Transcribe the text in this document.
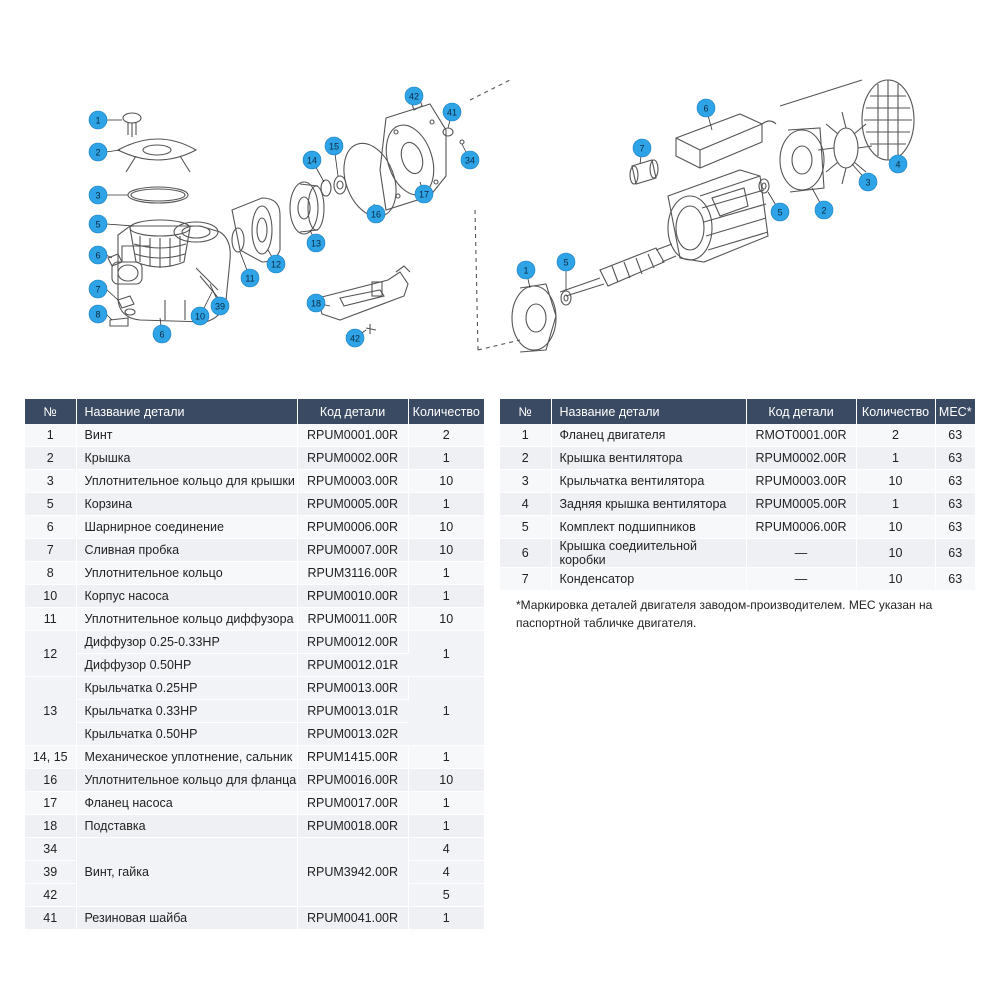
1
2
3
5
6
7
8	10
39
6
11
12
13
14
15
16
17
42
41
34
18
42
6
7
1
5
5	2
3
4
№	Название детали	Код детали	Количество
1	Винт	RPUM0001.00R	2
2	Крышка	RPUM0002.00R	1
3	Уплотнительное кольцо для крышки	RPUM0003.00R	10
5	Корзина	RPUM0005.00R	1
6	Шарнирное соединение	RPUM0006.00R	10
7	Сливная пробка	RPUM0007.00R	10
8	Уплотнительное кольцо	RPUM3116.00R	1
10	Корпус насоса	RPUM0010.00R	1
11	Уплотнительное кольцо диффузора	RPUM0011.00R	10
12	Диффузор 0.25-0.33HP	RPUM0012.00R	1
	Диффузор 0.50HP	RPUM0012.01R	
13	Крыльчатка 0.25HP	RPUM0013.00R	1
	Крыльчатка 0.33HP	RPUM0013.01R	
	Крыльчатка 0.50HP	RPUM0013.02R	
14, 15	Механическое уплотнение, сальник	RPUM1415.00R	1
16	Уплотнительное кольцо для фланца	RPUM0016.00R	10
17	Фланец насоса	RPUM0017.00R	1
18	Подставка	RPUM0018.00R	1
34	Винт, гайка	RPUM3942.00R	4
39			4
42			5
41	Резиновая шайба	RPUM0041.00R	1
№	Название детали	Код детали	Количество	МЕС*
1	Фланец двигателя	RMOT0001.00R	2	63
2	Крышка вентилятора	RPUM0002.00R	1	63
3	Крыльчатка вентилятора	RPUM0003.00R	10	63
4	Задняя крышка вентилятора	RPUM0005.00R	1	63
5	Комплект подшипников	RPUM0006.00R	10	63
6	Крышка соедиительной коробки	—	10	63
7	Конденсатор	—	10	63
*Маркировка деталей двигателя заводом-производителем. МЕС указан на паспортной табличке двигателя.
